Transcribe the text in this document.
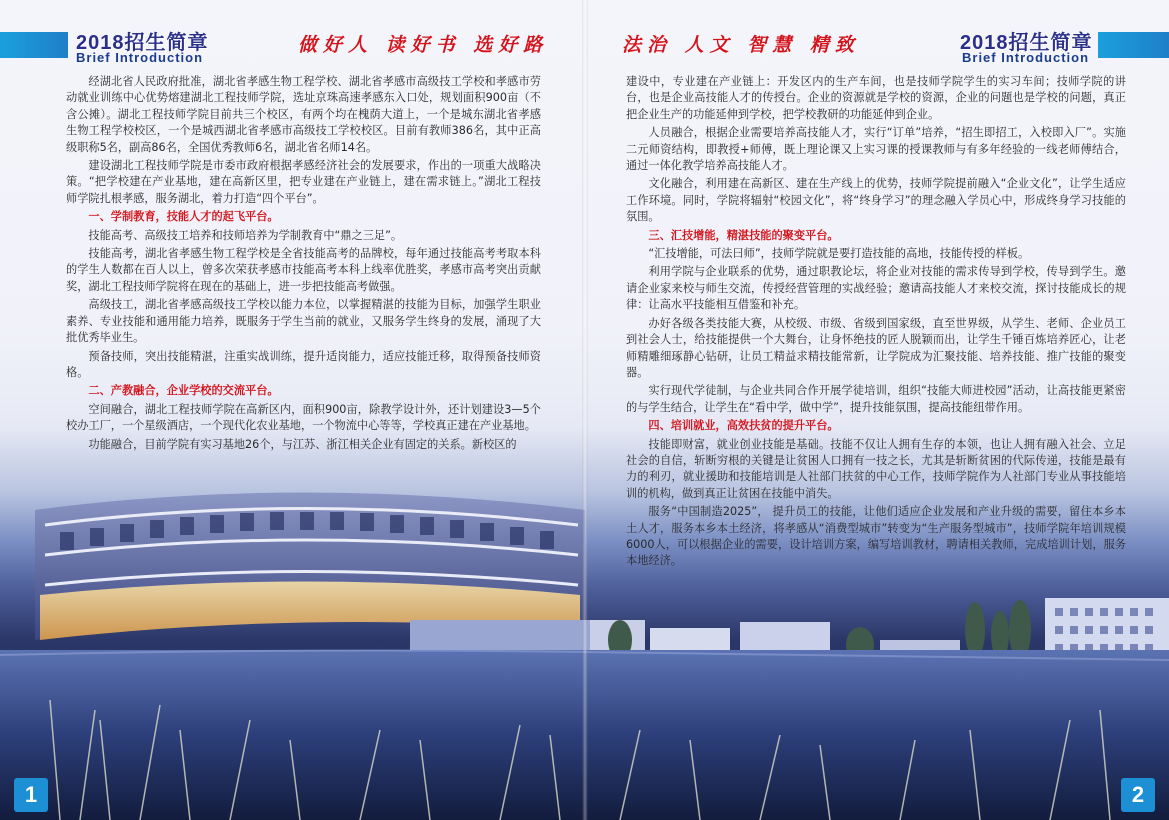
2018招生简章
Brief Introduction
做好人 读好书 选好路	法治 人文 智慧 精致	2018招生简章
Brief Introduction

经湖北省人民政府批准，湖北省孝感生物工程学校、湖北省孝感市高级技工学校和孝感市劳动就业训练中心优势熔建湖北工程技师学院，选址京珠高速孝感东入口处，规划面积900亩（不含公摊）。湖北工程技师学院目前共三个校区，有两个均在槐荫大道上，一个是城东湖北省孝感生物工程学校校区，一个是城西湖北省孝感市高级技工学校校区。目前有教师386名，其中正高级职称5名，副高86名，全国优秀教师6名，湖北省名师14名。

建设湖北工程技师学院是市委市政府根据孝感经济社会的发展要求，作出的一项重大战略决策。“把学校建在产业基地，建在高新区里，把专业建在产业链上，建在需求链上。”湖北工程技师学院扎根孝感，服务湖北，着力打造“四个平台”。

一、学制教育，技能人才的起飞平台。

技能高考、高级技工培养和技师培养为学制教育中“鼎之三足”。

技能高考，湖北省孝感生物工程学校是全省技能高考的品牌校，每年通过技能高考考取本科的学生人数都在百人以上，曾多次荣获孝感市技能高考本科上线率优胜奖，孝感市高考突出贡献奖，湖北工程技师学院将在现在的基础上，进一步把技能高考做强。

高级技工，湖北省孝感高级技工学校以能力本位，以掌握精湛的技能为目标，加强学生职业素养、专业技能和通用能力培养，既服务于学生当前的就业，又服务学生终身的发展，涌现了大批优秀毕业生。

预备技师，突出技能精湛，注重实战训练，提升适岗能力，适应技能迁移，取得预备技师资格。

二、产教融合，企业学校的交流平台。

空间融合，湖北工程技师学院在高新区内，面积900亩，除教学设计外，还计划建设3—5个校办工厂，一个星级酒店，一个现代化农业基地，一个物流中心等等，学校真正建在产业基地。

功能融合，目前学院有实习基地26个，与江苏、浙江相关企业有固定的关系。新校区的

建设中，专业建在产业链上：开发区内的生产车间，也是技师学院学生的实习车间；技师学院的讲台，也是企业高技能人才的传授台。企业的资源就是学校的资源，企业的问题也是学校的问题，真正把企业生产的功能延伸到学校，把学校教研的功能延伸到企业。

人员融合，根据企业需要培养高技能人才，实行“订单”培养，“招生即招工，入校即入厂”。实施二元师资结构，即教授+师傅，既上理论课又上实习课的授课教师与有多年经验的一线老师傅结合，通过一体化教学培养高技能人才。

文化融合，利用建在高新区、建在生产线上的优势，技师学院提前融入“企业文化”，让学生适应工作环境。同时，学院将辐射“校园文化”，将“终身学习”的理念融入学员心中，形成终身学习技能的氛围。

三、汇技增能，精湛技能的聚变平台。

“汇技增能，可法曰师”，技师学院就是要打造技能的高地，技能传授的样板。

利用学院与企业联系的优势，通过职教论坛，将企业对技能的需求传导到学校，传导到学生。邀请企业家来校与师生交流，传授经营管理的实战经验；邀请高技能人才来校交流，探讨技能成长的规律：让高水平技能相互借鉴和补充。

办好各级各类技能大赛，从校级、市级、省级到国家级，直至世界级，从学生、老师、企业员工到社会人士，给技能提供一个大舞台，让身怀绝技的匠人脱颖而出，让学生千锤百炼培养匠心，让老师精雕细琢静心钻研，让员工精益求精技能常新，让学院成为汇聚技能、培养技能、推广技能的聚变器。

实行现代学徒制，与企业共同合作开展学徒培训，组织“技能大师进校园”活动，让高技能更紧密的与学生结合，让学生在“看中学，做中学”，提升技能氛围，提高技能纽带作用。

四、培训就业，高效扶贫的提升平台。

技能即财富，就业创业技能是基础。技能不仅让人拥有生存的本领，也让人拥有融入社会、立足社会的自信，斩断穷根的关键是让贫困人口拥有一技之长，尤其是斩断贫困的代际传递，技能是最有力的利刃，就业援助和技能培训是人社部门扶贫的中心工作，技师学院作为人社部门专业从事技能培训的机构，做到真正让贫困在技能中消失。

服务“中国制造2025”， 提升员工的技能，让他们适应企业发展和产业升级的需要，留住本乡本土人才，服务本乡本土经济，将孝感从“消费型城市”转变为“生产服务型城市”，技师学院年培训规模6000人，可以根据企业的需要，设计培训方案，编写培训教材，聘请相关教师，完成培训计划，服务本地经济。

1	2
